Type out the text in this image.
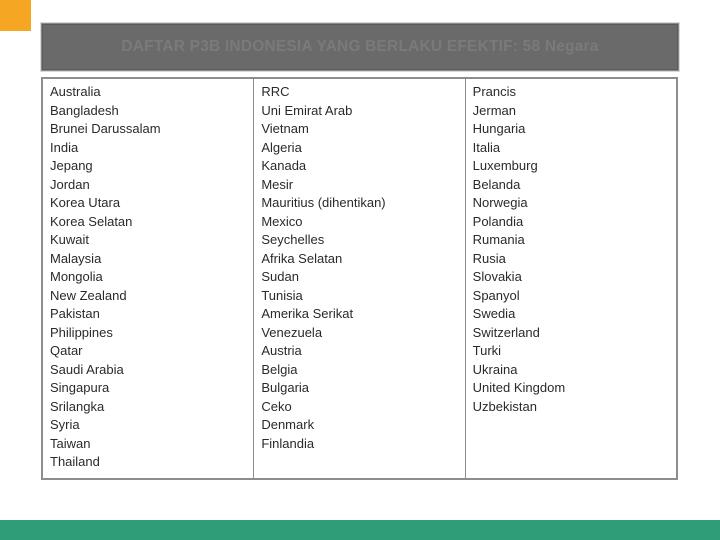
DAFTAR P3B INDONESIA YANG BERLAKU EFEKTIF: 58 Negara
Australia
Bangladesh
Brunei Darussalam
India
Jepang
Jordan
Korea Utara
Korea Selatan
Kuwait
Malaysia
Mongolia
New Zealand
Pakistan
Philippines
Qatar
Saudi Arabia
Singapura
Srilangka
Syria
Taiwan
Thailand
RRC
Uni Emirat Arab
Vietnam
Algeria
Kanada
Mesir
Mauritius (dihentikan)
Mexico
Seychelles
Afrika Selatan
Sudan
Tunisia
Amerika Serikat
Venezuela
Austria
Belgia
Bulgaria
Ceko
Denmark
Finlandia
Prancis
Jerman
Hungaria
Italia
Luxemburg
Belanda
Norwegia
Polandia
Rumania
Rusia
Slovakia
Spanyol
Swedia
Switzerland
Turki
Ukraina
United Kingdom
Uzbekistan
